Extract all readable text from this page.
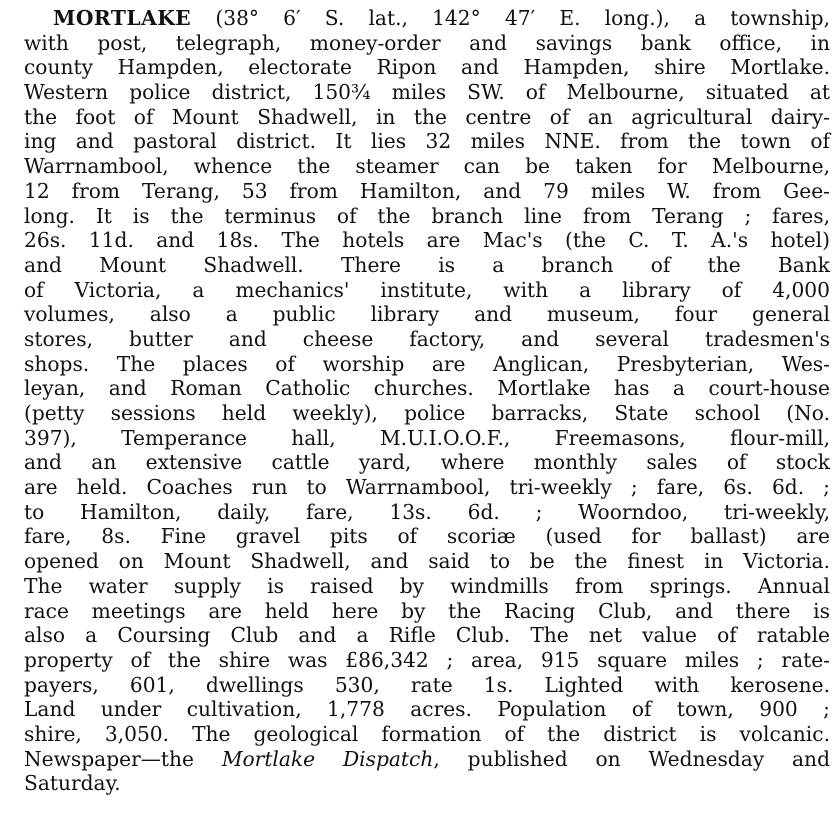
MORTLAKE (38° 6′ S. lat., 142° 47′ E. long.), a township,
with post, telegraph, money-order and savings bank office, in
county Hampden, electorate Ripon and Hampden, shire Mortlake.
Western police district, 150¾ miles SW. of Melbourne, situated at
the foot of Mount Shadwell, in the centre of an agricultural dairy-
ing and pastoral district. It lies 32 miles NNE. from the town of
Warrnambool, whence the steamer can be taken for Melbourne,
12 from Terang, 53 from Hamilton, and 79 miles W. from Gee-
long. It is the terminus of the branch line from Terang ; fares,
26s. 11d. and 18s. The hotels are Mac's (the C. T. A.'s hotel)
and Mount Shadwell. There is a branch of the Bank
of Victoria, a mechanics' institute, with a library of 4,000
volumes, also a public library and museum, four general
stores, butter and cheese factory, and several tradesmen's
shops. The places of worship are Anglican, Presbyterian, Wes-
leyan, and Roman Catholic churches. Mortlake has a court-house
(petty sessions held weekly), police barracks, State school (No.
397), Temperance hall, M.U.I.O.O.F., Freemasons, flour-mill,
and an extensive cattle yard, where monthly sales of stock
are held. Coaches run to Warrnambool, tri-weekly ; fare, 6s. 6d. ;
to Hamilton, daily, fare, 13s. 6d. ; Woorndoo, tri-weekly,
fare, 8s. Fine gravel pits of scoriæ (used for ballast) are
opened on Mount Shadwell, and said to be the finest in Victoria.
The water supply is raised by windmills from springs. Annual
race meetings are held here by the Racing Club, and there is
also a Coursing Club and a Rifle Club. The net value of ratable
property of the shire was £86,342 ; area, 915 square miles ; rate-
payers, 601, dwellings 530, rate 1s. Lighted with kerosene.
Land under cultivation, 1,778 acres. Population of town, 900 ;
shire, 3,050. The geological formation of the district is volcanic.
Newspaper—the Mortlake Dispatch, published on Wednesday and
Saturday.
